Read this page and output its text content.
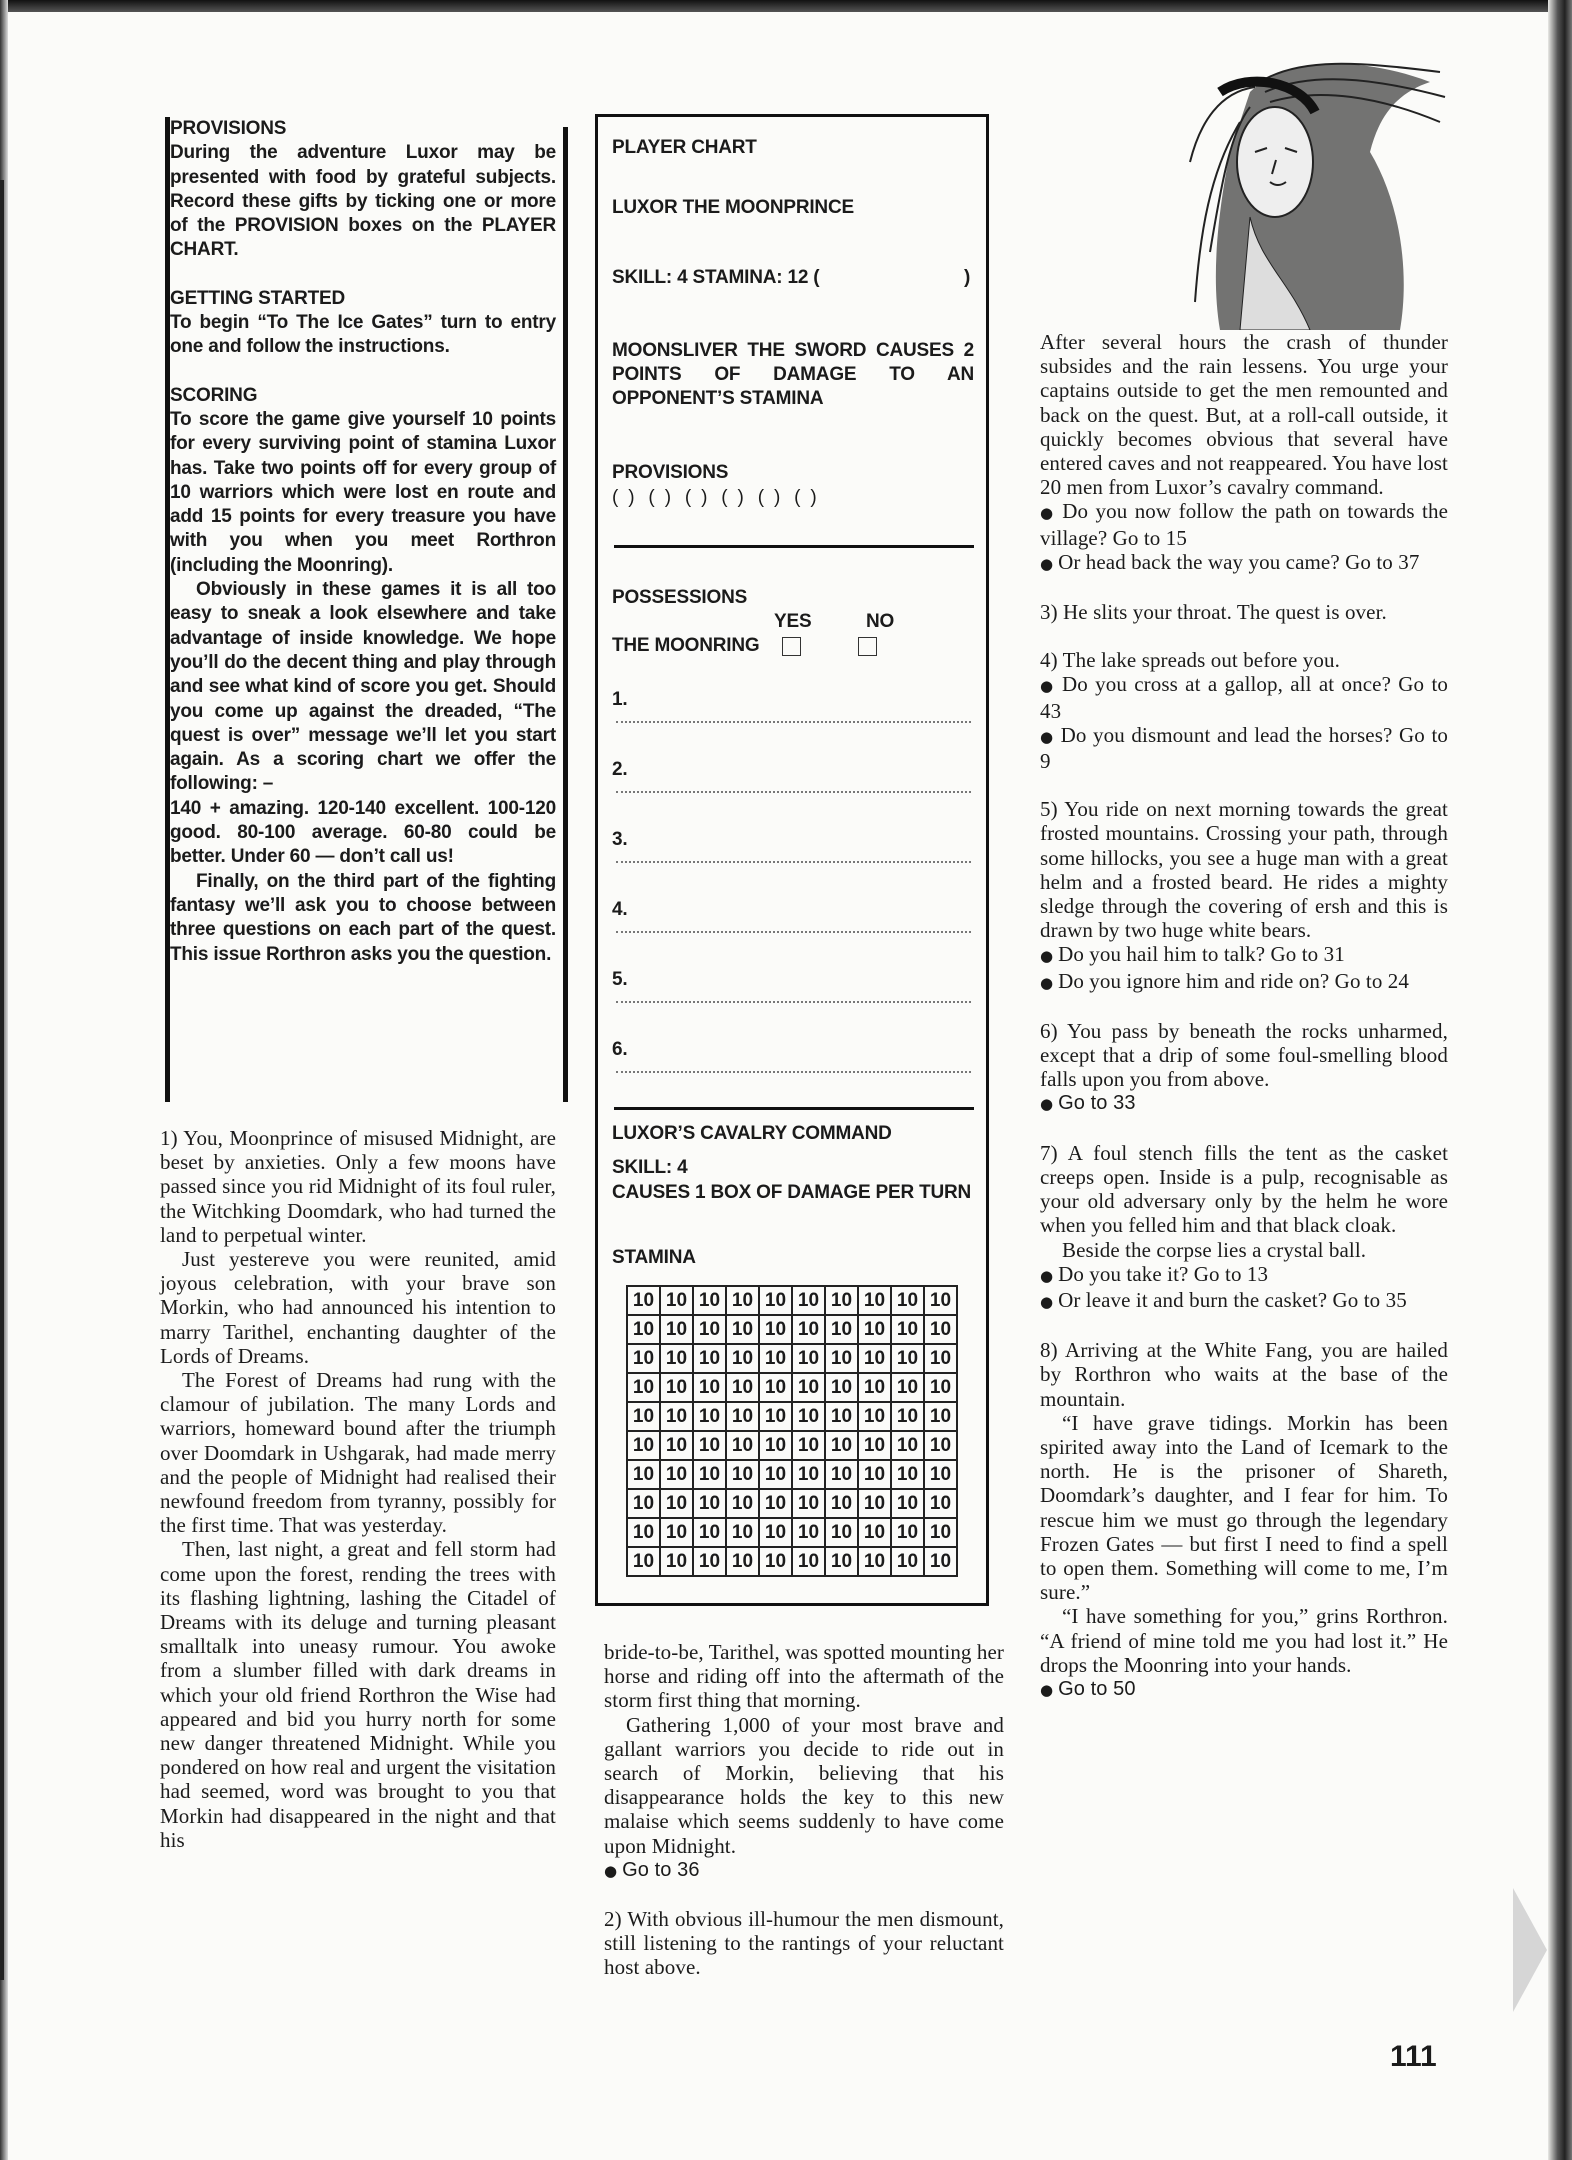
PROVISIONS

During the adventure Luxor may be presented with food by grateful subjects. Record these gifts by ticking one or more of the PROVISION boxes on the PLAYER CHART.

GETTING STARTED

To begin “To The Ice Gates” turn to entry one and follow the instructions.

SCORING

To score the game give yourself 10 points for every surviving point of stamina Luxor has. Take two points off for every group of 10 warriors which were lost en route and add 15 points for every treasure you have with you when you meet Rorthron (including the Moonring).

Obviously in these games it is all too easy to sneak a look elsewhere and take advantage of inside knowledge. We hope you’ll do the decent thing and play through and see what kind of score you get. Should you come up against the dreaded, “The quest is over” message we’ll let you start again. As a scoring chart we offer the following: –

140 + amazing. 120-140 excellent. 100-120 good. 80-100 average. 60-80 could be better. Under 60 — don’t call us!

Finally, on the third part of the fighting fantasy we’ll ask you to choose between three questions on each part of the quest. This issue Rorthron asks you the question.

PLAYER CHART
LUXOR THE MOONPRINCE
SKILL: 4 STAMINA: 12 (	)
MOONSLIVER THE SWORD CAUSES 2 POINTS OF DAMAGE TO AN OPPONENT’S STAMINA
PROVISIONS
(  ) (  ) (  ) (  ) (  ) (  )
POSSESSIONS
YES	NO
THE MOONRING
1.
2.
3.
4.
5.
6.
LUXOR’S CAVALRY COMMAND
SKILL: 4
CAUSES 1 BOX OF DAMAGE PER TURN
STAMINA
10	10	10	10	10	10	10	10	10	10
10	10	10	10	10	10	10	10	10	10
10	10	10	10	10	10	10	10	10	10
10	10	10	10	10	10	10	10	10	10
10	10	10	10	10	10	10	10	10	10
10	10	10	10	10	10	10	10	10	10
10	10	10	10	10	10	10	10	10	10
10	10	10	10	10	10	10	10	10	10
10	10	10	10	10	10	10	10	10	10
10	10	10	10	10	10	10	10	10	10

1) You, Moonprince of misused Midnight, are beset by anxieties. Only a few moons have passed since you rid Midnight of its foul ruler, the Witchking Doomdark, who had turned the land to perpetual winter.

Just yestereve you were reunited, amid joyous celebration, with your brave son Morkin, who had announced his intention to marry Tarithel, enchanting daughter of the Lords of Dreams.

The Forest of Dreams had rung with the clamour of jubilation. The many Lords and warriors, homeward bound after the triumph over Doomdark in Ushgarak, had made merry and the people of Midnight had realised their newfound freedom from tyranny, possibly for the first time. That was yesterday.

Then, last night, a great and fell storm had come upon the forest, rending the trees with its flashing lightning, lashing the Citadel of Dreams with its deluge and turning pleasant smalltalk into uneasy rumour. You awoke from a slumber filled with dark dreams in which your old friend Rorthron the Wise had appeared and bid you hurry north for some new danger threatened Midnight. While you pondered on how real and urgent the visitation had seemed, word was brought to you that Morkin had disappeared in the night and that his

bride-to-be, Tarithel, was spotted mounting her horse and riding off into the aftermath of the storm first thing that morning.

Gathering 1,000 of your most brave and gallant warriors you decide to ride out in search of Morkin, believing that his disappearance holds the key to this new malaise which seems suddenly to have come upon Midnight.

● Go to 36

2) With obvious ill-humour the men dismount, still listening to the rantings of your reluctant host above.

After several hours the crash of thunder subsides and the rain lessens. You urge your captains outside to get the men remounted and back on the quest. But, at a roll-call outside, it quickly becomes obvious that several have entered caves and not reappeared. You have lost 20 men from Luxor’s cavalry command.

● Do you now follow the path on towards the village? Go to 15

● Or head back the way you came? Go to 37

3) He slits your throat. The quest is over.

4) The lake spreads out before you.

● Do you cross at a gallop, all at once? Go to 43

● Do you dismount and lead the horses? Go to 9

5) You ride on next morning towards the great frosted mountains. Crossing your path, through some hillocks, you see a huge man with a great helm and a frosted beard. He rides a mighty sledge through the covering of ersh and this is drawn by two huge white bears.

● Do you hail him to talk? Go to 31

● Do you ignore him and ride on? Go to 24

6) You pass by beneath the rocks unharmed, except that a drip of some foul-smelling blood falls upon you from above.

● Go to 33

7) A foul stench fills the tent as the casket creeps open. Inside is a pulp, recognisable as your old adversary only by the helm he wore when you felled him and that black cloak.

Beside the corpse lies a crystal ball.

● Do you take it? Go to 13

● Or leave it and burn the casket? Go to 35

8) Arriving at the White Fang, you are hailed by Rorthron who waits at the base of the mountain.

“I have grave tidings. Morkin has been spirited away into the Land of Icemark to the north. He is the prisoner of Shareth, Doomdark’s daughter, and I fear for him. To rescue him we must go through the legendary Frozen Gates — but first I need to find a spell to open them. Something will come to me, I’m sure.”

“I have something for you,” grins Rorthron. “A friend of mine told me you had lost it.” He drops the Moonring into your hands.

● Go to 50

111
